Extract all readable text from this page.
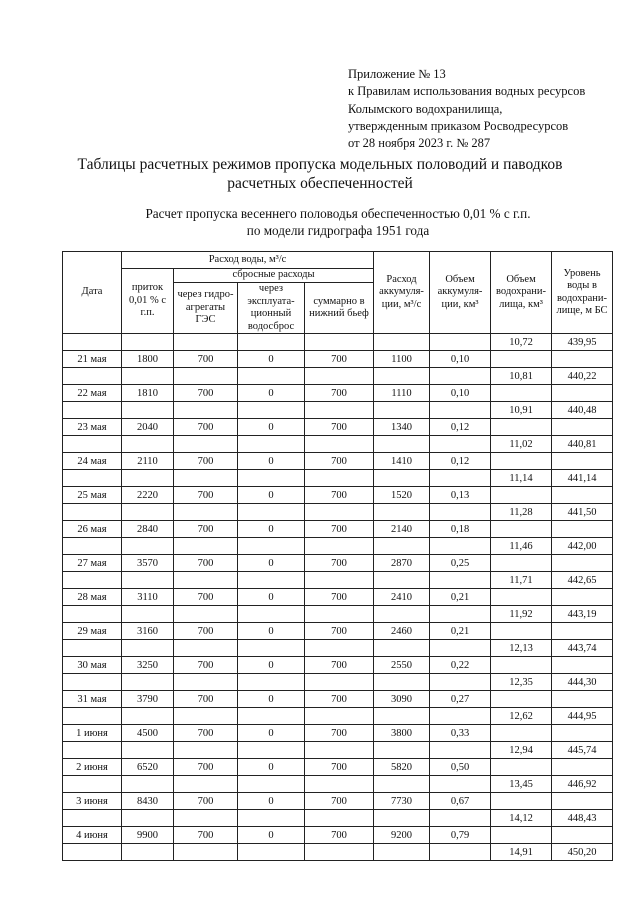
Приложение № 13
к Правилам использования водных ресурсов
Колымского водохранилища,
утвержденным приказом Росводресурсов
от 28 ноября 2023 г. № 287
Таблицы расчетных режимов пропуска модельных половодий и паводков
расчетных обеспеченностей
Расчет пропуска весеннего половодья обеспеченностью 0,01 % с г.п.
по модели гидрографа 1951 года
Дата	Расход воды, м³/с				Расход аккумуля-ции, м³/с	Объем аккумуля-ции, км³	Объем водохрани-лища, км³	Уровень воды в водохрани-лище, м БС
	приток 0,01 % с г.п.	сбросные расходы						
		через гидро-агрегаты ГЭС	через эксплуата-ционный водосброс	суммарно в нижний бьеф				
							10,72	439,95
21 мая	1800	700	0	700	1100	0,10		
							10,81	440,22
22 мая	1810	700	0	700	1110	0,10		
							10,91	440,48
23 мая	2040	700	0	700	1340	0,12		
							11,02	440,81
24 мая	2110	700	0	700	1410	0,12		
							11,14	441,14
25 мая	2220	700	0	700	1520	0,13		
							11,28	441,50
26 мая	2840	700	0	700	2140	0,18		
							11,46	442,00
27 мая	3570	700	0	700	2870	0,25		
							11,71	442,65
28 мая	3110	700	0	700	2410	0,21		
							11,92	443,19
29 мая	3160	700	0	700	2460	0,21		
							12,13	443,74
30 мая	3250	700	0	700	2550	0,22		
							12,35	444,30
31 мая	3790	700	0	700	3090	0,27		
							12,62	444,95
1 июня	4500	700	0	700	3800	0,33		
							12,94	445,74
2 июня	6520	700	0	700	5820	0,50		
							13,45	446,92
3 июня	8430	700	0	700	7730	0,67		
							14,12	448,43
4 июня	9900	700	0	700	9200	0,79		
							14,91	450,20
